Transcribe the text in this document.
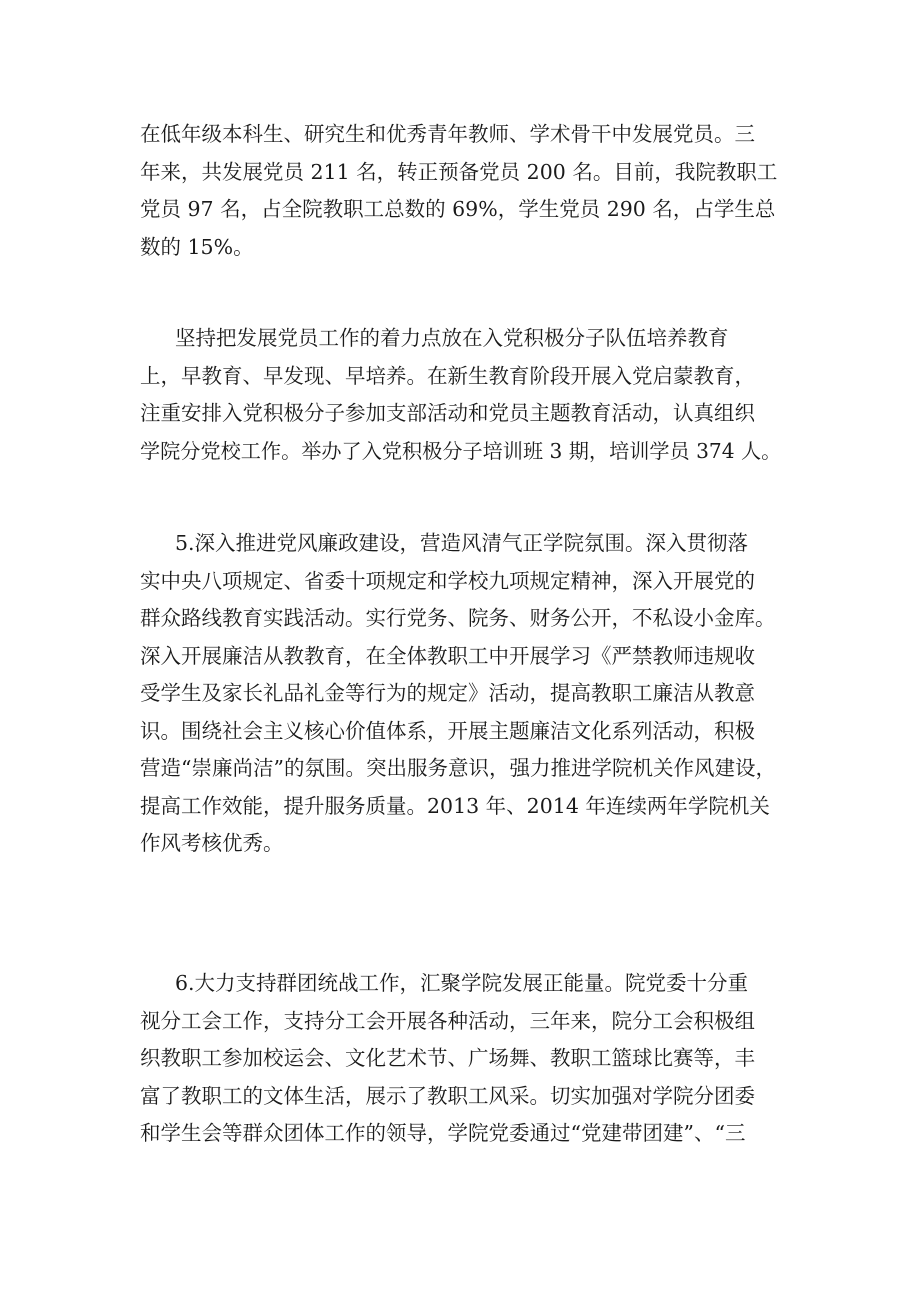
在低年级本科生、研究生和优秀青年教师、学术骨干中发展党员。三
年来，共发展党员 211 名，转正预备党员 200 名。目前，我院教职工
党员 97 名，占全院教职工总数的 69%，学生党员 290 名，占学生总
数的 15%。
坚持把发展党员工作的着力点放在入党积极分子队伍培养教育
上，早教育、早发现、早培养。在新生教育阶段开展入党启蒙教育，
注重安排入党积极分子参加支部活动和党员主题教育活动，认真组织
学院分党校工作。举办了入党积极分子培训班 3 期，培训学员 374 人。
5.深入推进党风廉政建设，营造风清气正学院氛围。深入贯彻落
实中央八项规定、省委十项规定和学校九项规定精神，深入开展党的
群众路线教育实践活动。实行党务、院务、财务公开，不私设小金库。
深入开展廉洁从教教育，在全体教职工中开展学习《严禁教师违规收
受学生及家长礼品礼金等行为的规定》活动，提高教职工廉洁从教意
识。围绕社会主义核心价值体系，开展主题廉洁文化系列活动，积极
营造“崇廉尚洁”的氛围。突出服务意识，强力推进学院机关作风建设，
提高工作效能，提升服务质量。2013 年、2014 年连续两年学院机关
作风考核优秀。
6.大力支持群团统战工作，汇聚学院发展正能量。院党委十分重
视分工会工作，支持分工会开展各种活动，三年来，院分工会积极组
织教职工参加校运会、文化艺术节、广场舞、教职工篮球比赛等，丰
富了教职工的文体生活，展示了教职工风采。切实加强对学院分团委
和学生会等群众团体工作的领导，学院党委通过“党建带团建”、“三
